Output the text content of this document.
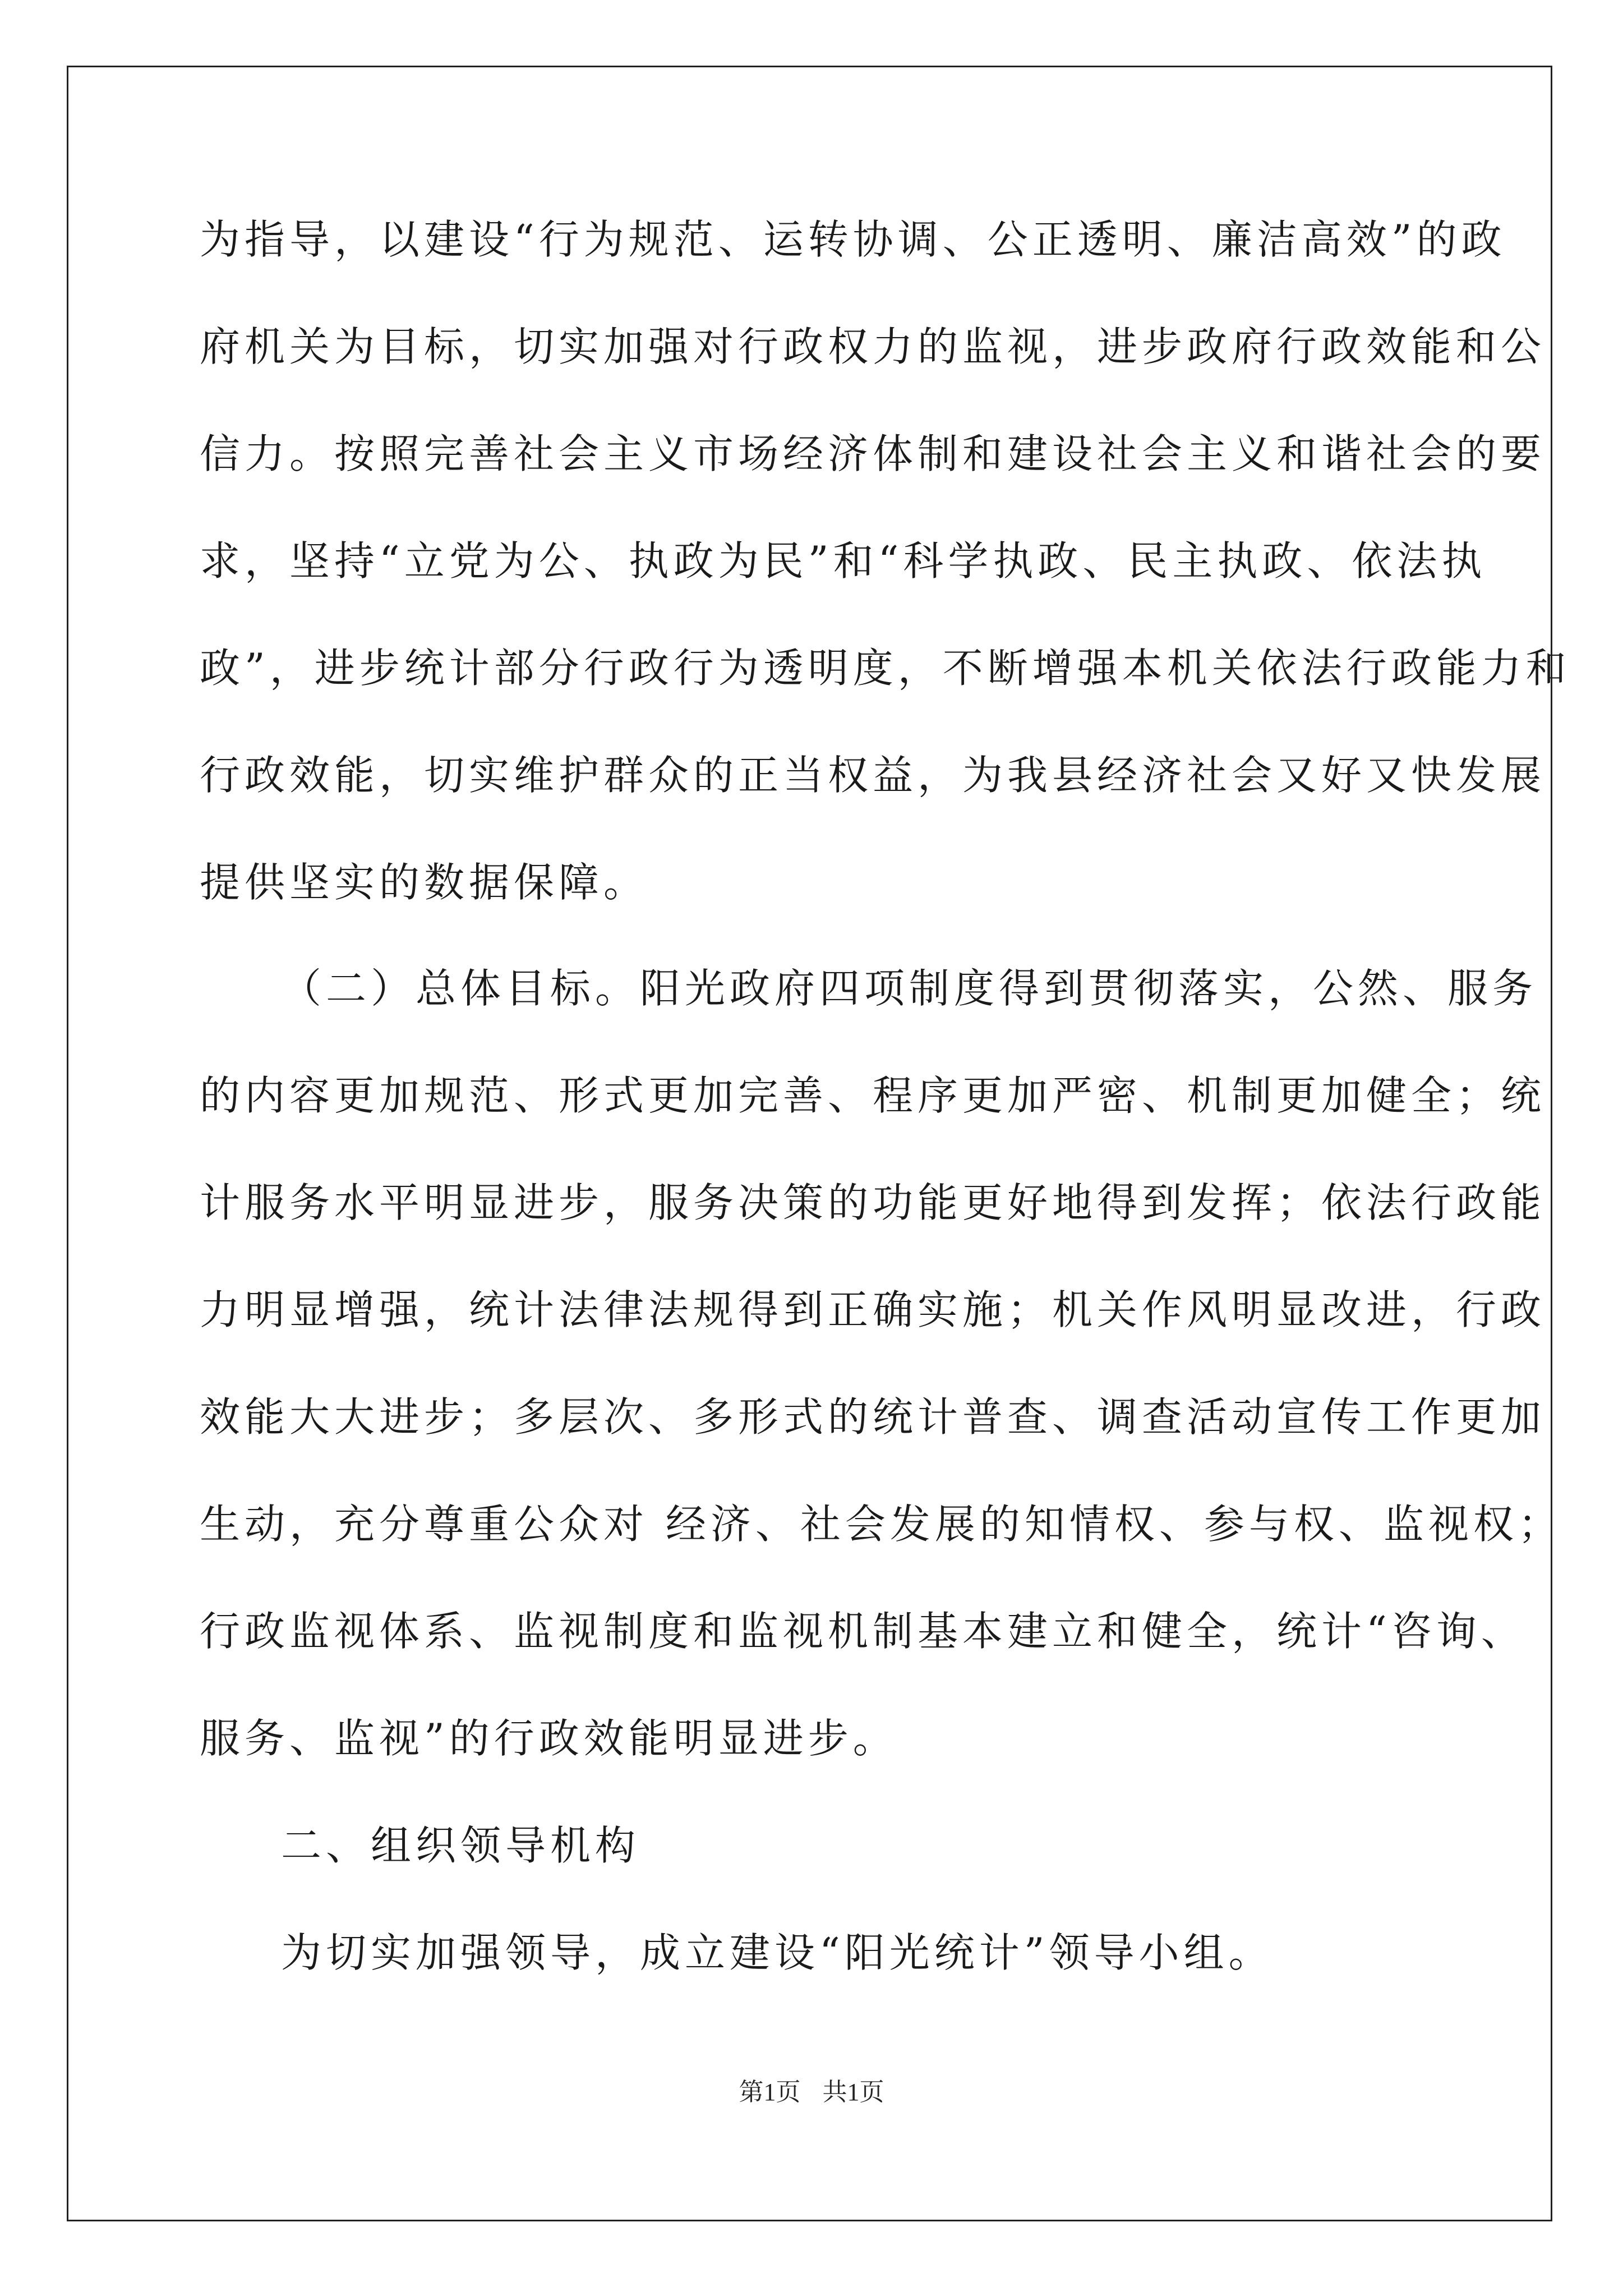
为指导，以建设“行为规范、运转协调、公正透明、廉洁高效”的政
府机关为目标，切实加强对行政权力的监视，进步政府行政效能和公
信力。按照完善社会主义市场经济体制和建设社会主义和谐社会的要
求，坚持“立党为公、执政为民”和“科学执政、民主执政、依法执
政”，进步统计部分行政行为透明度，不断增强本机关依法行政能力和
行政效能，切实维护群众的正当权益，为我县经济社会又好又快发展
提供坚实的数据保障。
（二）总体目标。阳光政府四项制度得到贯彻落实，公然、服务
的内容更加规范、形式更加完善、程序更加严密、机制更加健全；统
计服务水平明显进步，服务决策的功能更好地得到发挥；依法行政能
力明显增强，统计法律法规得到正确实施；机关作风明显改进，行政
效能大大进步；多层次、多形式的统计普查、调查活动宣传工作更加
生动，充分尊重公众对 经济、社会发展的知情权、参与权、监视权；
行政监视体系、监视制度和监视机制基本建立和健全，统计“咨询、
服务、监视”的行政效能明显进步。
二、组织领导机构
为切实加强领导，成立建设“阳光统计”领导小组。
第1页 共1页
